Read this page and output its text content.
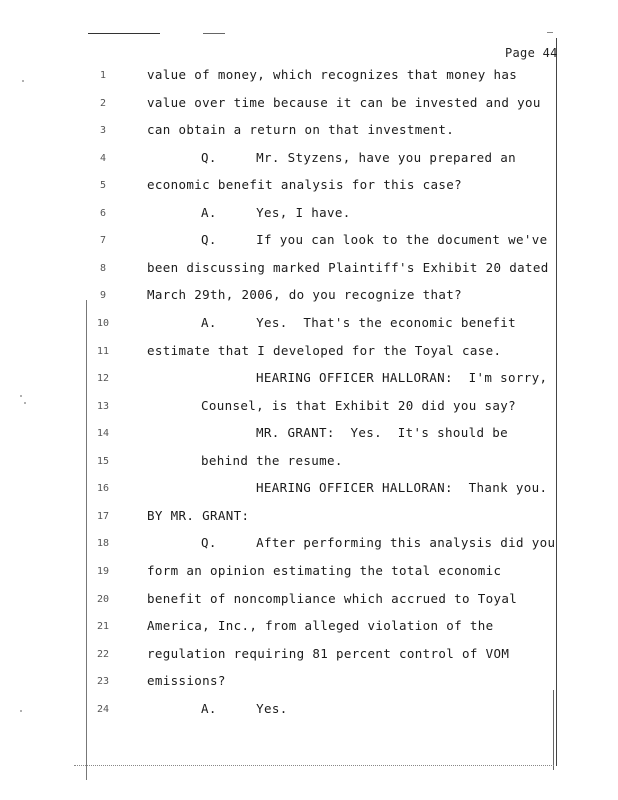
Page 44
1	value of money, which recognizes that money has
2	value over time because it can be invested and you
3	can obtain a return on that investment.
4	Q.     Mr. Styzens, have you prepared an
5	economic benefit analysis for this case?
6	A.     Yes, I have.
7	Q.     If you can look to the document we've
8	been discussing marked Plaintiff's Exhibit 20 dated
9	March 29th, 2006, do you recognize that?
10	A.     Yes.  That's the economic benefit
11	estimate that I developed for the Toyal case.
12	HEARING OFFICER HALLORAN:  I'm sorry,
13	Counsel, is that Exhibit 20 did you say?
14	MR. GRANT:  Yes.  It's should be
15	behind the resume.
16	HEARING OFFICER HALLORAN:  Thank you.
17	BY MR. GRANT:
18	Q.     After performing this analysis did you
19	form an opinion estimating the total economic
20	benefit of noncompliance which accrued to Toyal
21	America, Inc., from alleged violation of the
22	regulation requiring 81 percent control of VOM
23	emissions?
24	A.     Yes.
